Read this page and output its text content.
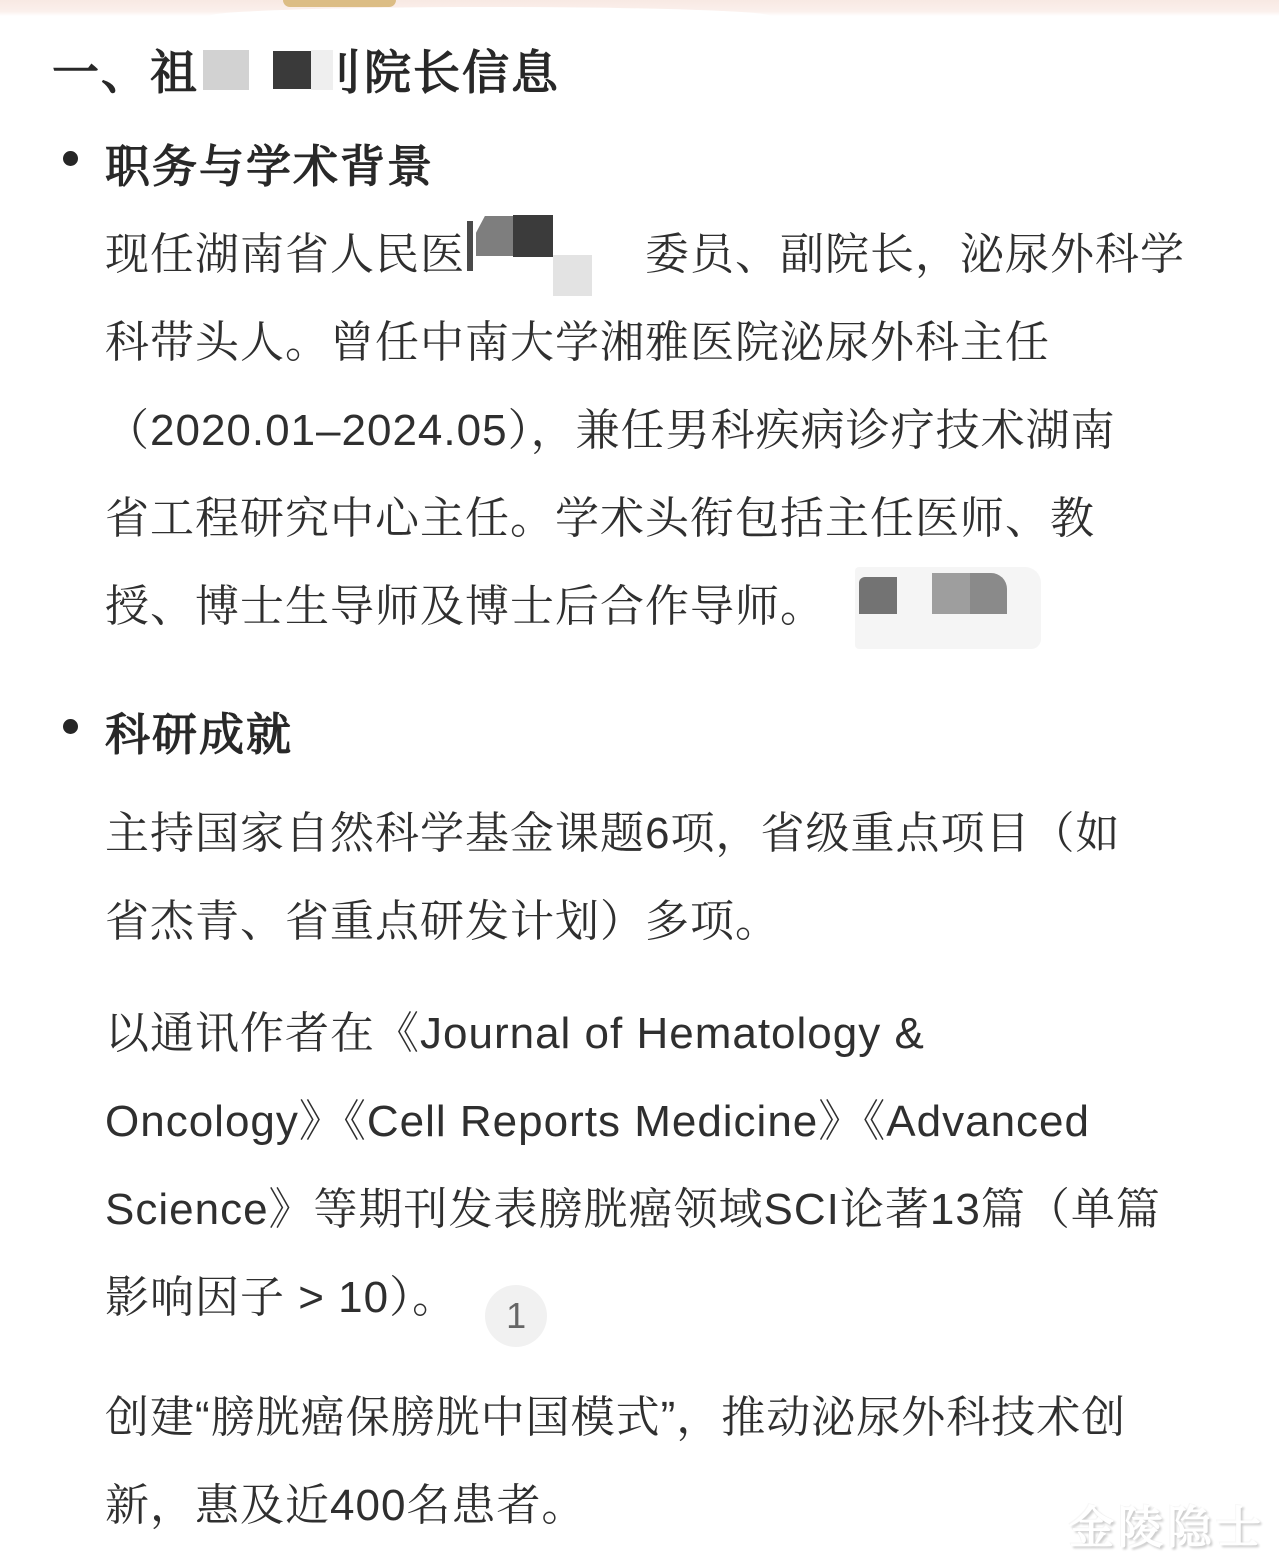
一、祖 刂院长信息
职务与学术背景
现任湖南省人民医	委员、副院长，泌尿外科学
科带头人。曾任中南大学湘雅医院泌尿外科主任
（2020.01–2024.05），兼任男科疾病诊疗技术湖南
省工程研究中心主任。学术头衔包括主任医师、教
授、博士生导师及博士后合作导师。
科研成就
主持国家自然科学基金课题6项，省级重点项目（如
省杰青、省重点研发计划）多项。
以通讯作者在《Journal of Hematology &
Oncology》《Cell Reports Medicine》《Advanced
Science》等期刊发表膀胱癌领域SCI论著13篇（单篇
影响因子 > 10）。 1
创建“膀胱癌保膀胱中国模式”，推动泌尿外科技术创
新，惠及近400名患者。	金陵隐士
